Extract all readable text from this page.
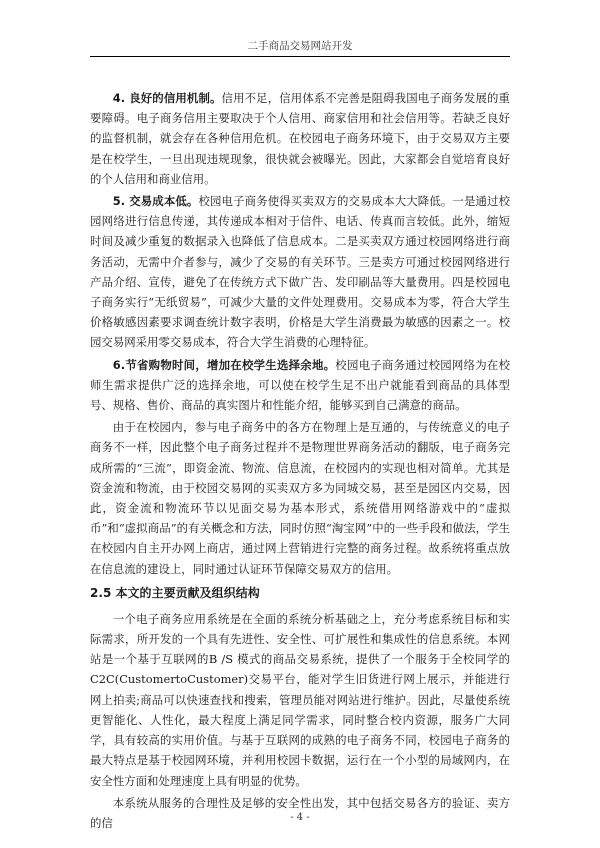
二手商品交易网站开发

4. 良好的信用机制。信用不足，信用体系不完善是阻碍我国电子商务发展的重要障碍。电子商务信用主要取决于个人信用、商家信用和社会信用等。若缺乏良好的监督机制，就会存在各种信用危机。在校园电子商务环境下，由于交易双方主要是在校学生，一旦出现违规现象，很快就会被曝光。因此，大家都会自觉培育良好的个人信用和商业信用。

5. 交易成本低。校园电子商务使得买卖双方的交易成本大大降低。一是通过校园网络进行信息传递，其传递成本相对于信件、电话、传真而言较低。此外，缩短时间及减少重复的数据录入也降低了信息成本。二是买卖双方通过校园网络进行商务活动，无需中介者参与，减少了交易的有关环节。三是卖方可通过校园网络进行产品介绍、宣传，避免了在传统方式下做广告、发印刷品等大量费用。四是校园电子商务实行“无纸贸易”，可减少大量的文件处理费用。交易成本为零，符合大学生价格敏感因素要求调查统计数字表明，价格是大学生消费最为敏感的因素之一。校园交易网采用零交易成本，符合大学生消费的心理特征。

6.节省购物时间，增加在校学生选择余地。校园电子商务通过校园网络为在校师生需求提供广泛的选择余地，可以使在校学生足不出户就能看到商品的具体型号、规格、售价、商品的真实图片和性能介绍，能够买到自己满意的商品。

由于在校园内，参与电子商务中的各方在物理上是互通的，与传统意义的电子商务不一样，因此整个电子商务过程并不是物理世界商务活动的翻版，电子商务完成所需的“三流”，即资金流、物流、信息流，在校园内的实现也相对简单。尤其是资金流和物流，由于校园交易网的买卖双方多为同城交易，甚至是园区内交易，因此，资金流和物流环节以见面交易为基本形式，系统借用网络游戏中的“虚拟币”和“虚拟商品”的有关概念和方法，同时仿照“淘宝网”中的一些手段和做法，学生在校园内自主开办网上商店，通过网上营销进行完整的商务过程。故系统将重点放在信息流的建设上，同时通过认证环节保障交易双方的信用。

2.5 本文的主要贡献及组织结构

一个电子商务应用系统是在全面的系统分析基础之上，充分考虑系统目标和实际需求，所开发的一个具有先进性、安全性、可扩展性和集成性的信息系统。本网站是一个基于互联网的B /S 模式的商品交易系统，提供了一个服务于全校同学的C2C(CustomertoCustomer)交易平台，能对学生旧货进行网上展示，并能进行网上拍卖;商品可以快速查找和搜索，管理员能对网站进行维护。因此，尽量使系统更智能化、人性化，最大程度上满足同学需求，同时整合校内资源，服务广大同学，具有较高的实用价值。与基于互联网的成熟的电子商务不同，校园电子商务的最大特点是基于校园网环境，并利用校园卡数据，运行在一个小型的局域网内，在安全性方面和处理速度上具有明显的优势。

本系统从服务的合理性及足够的安全性出发，其中包括交易各方的验证、卖方的信	- 4 -
